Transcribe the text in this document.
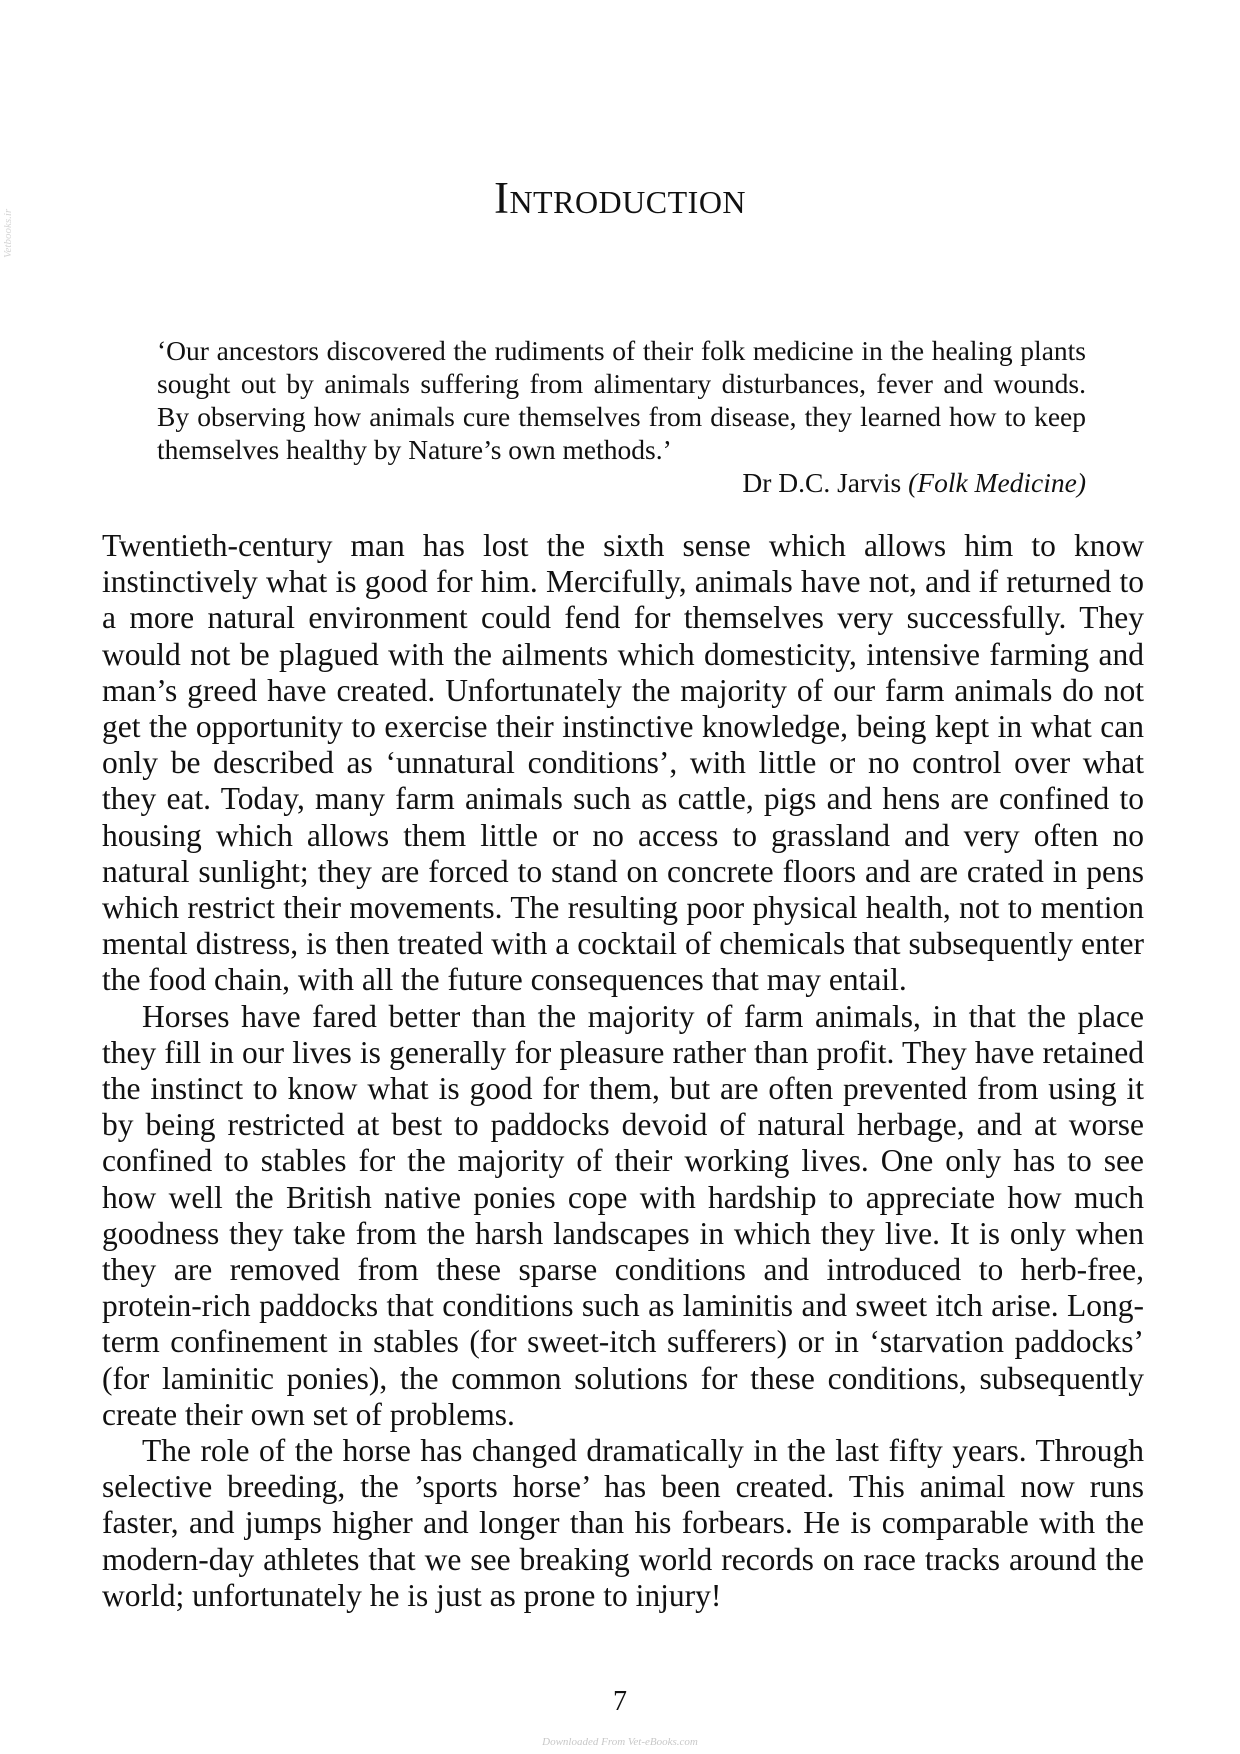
Vetbooks.ir
Introduction

‘Our ancestors discovered the rudiments of their folk medicine in the healing plants sought out by animals suffering from alimentary disturbances, fever and wounds. By observing how animals cure themselves from disease, they learned how to keep themselves healthy by Nature’s own methods.’

Dr D.C. Jarvis (Folk Medicine)

Twentieth-century man has lost the sixth sense which allows him to know instinctively what is good for him. Mercifully, animals have not, and if returned to a more natural environment could fend for themselves very successfully. They would not be plagued with the ailments which domesticity, intensive farming and man’s greed have created. Unfortunately the majority of our farm animals do not get the opportunity to exercise their instinctive knowledge, being kept in what can only be described as ‘unnatural conditions’, with little or no control over what they eat. Today, many farm animals such as cattle, pigs and hens are confined to housing which allows them little or no access to grassland and very often no natural sunlight; they are forced to stand on concrete floors and are crated in pens which restrict their movements. The resulting poor physical health, not to mention mental distress, is then treated with a cocktail of chemicals that subsequently enter the food chain, with all the future consequences that may entail.

Horses have fared better than the majority of farm animals, in that the place they fill in our lives is generally for pleasure rather than profit. They have retained the instinct to know what is good for them, but are often prevented from using it by being restricted at best to paddocks devoid of natural herbage, and at worse confined to stables for the majority of their working lives. One only has to see how well the British native ponies cope with hardship to appreciate how much goodness they take from the harsh landscapes in which they live. It is only when they are removed from these sparse conditions and introduced to herb-free, protein-rich paddocks that conditions such as laminitis and sweet itch arise. Long-term confinement in stables (for sweet-itch sufferers) or in ‘starvation paddocks’ (for laminitic ponies), the common solutions for these conditions, subsequently create their own set of problems.

The role of the horse has changed dramatically in the last fifty years. Through selective breeding, the ’sports horse’ has been created. This animal now runs faster, and jumps higher and longer than his forbears. He is comparable with the modern-day athletes that we see breaking world records on race tracks around the world; unfortunately he is just as prone to injury!

7
Downloaded From Vet-eBooks.com
